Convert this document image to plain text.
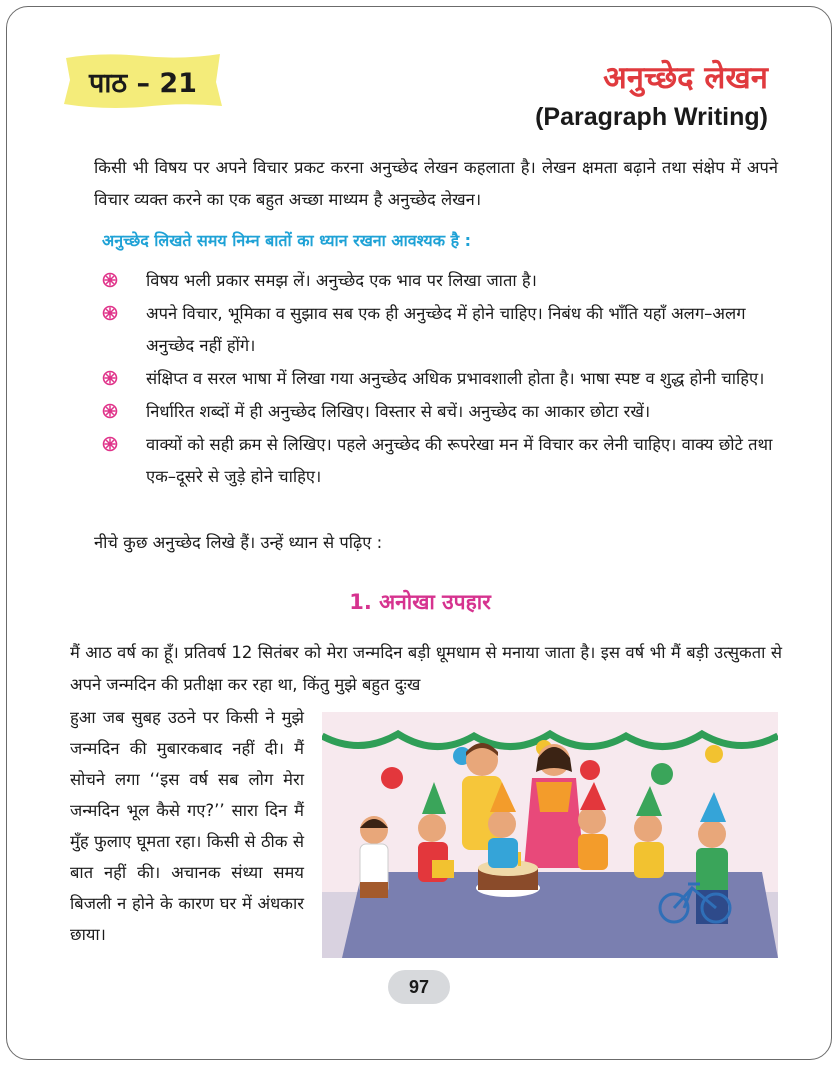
पाठ – 21	अनुच्छेद लेखन
(Paragraph Writing)
किसी भी विषय पर अपने विचार प्रकट करना अनुच्छेद लेखन कहलाता है। लेखन क्षमता बढ़ाने तथा संक्षेप में अपने विचार व्यक्त करने का एक बहुत अच्छा माध्यम है अनुच्छेद लेखन।
अनुच्छेद लिखते समय निम्न बातों का ध्यान रखना आवश्यक है :
विषय भली प्रकार समझ लें। अनुच्छेद एक भाव पर लिखा जाता है।
अपने विचार, भूमिका व सुझाव सब एक ही अनुच्छेद में होने चाहिए। निबंध की भाँति यहाँ अलग–अलग अनुच्छेद नहीं होंगे।
संक्षिप्त व सरल भाषा में लिखा गया अनुच्छेद अधिक प्रभावशाली होता है। भाषा स्पष्ट व शुद्ध होनी चाहिए।
निर्धारित शब्दों में ही अनुच्छेद लिखिए। विस्तार से बचें। अनुच्छेद का आकार छोटा रखें।
वाक्यों को सही क्रम से लिखिए। पहले अनुच्छेद की रूपरेखा मन में विचार कर लेनी चाहिए। वाक्य छोटे तथा एक–दूसरे से जुड़े होने चाहिए।
नीचे कुछ अनुच्छेद लिखे हैं। उन्हें ध्यान से पढ़िए :
1. अनोखा उपहार
मैं आठ वर्ष का हूँ। प्रतिवर्ष 12 सितंबर को मेरा जन्मदिन बड़ी धूमधाम से मनाया जाता है। इस वर्ष भी मैं बड़ी उत्सुकता से अपने जन्मदिन की प्रतीक्षा कर रहा था, किंतु मुझे बहुत दुःख
हुआ जब सुबह उठने पर किसी ने मुझे जन्मदिन की मुबारकबाद नहीं दी। मैं सोचने लगा ‘‘इस वर्ष सब लोग मेरा जन्मदिन भूल कैसे गए?’’ सारा दिन मैं मुँह फुलाए घूमता रहा। किसी से ठीक से बात नहीं की। अचानक संध्या समय बिजली न होने के कारण घर में अंधकार छाया।
97
